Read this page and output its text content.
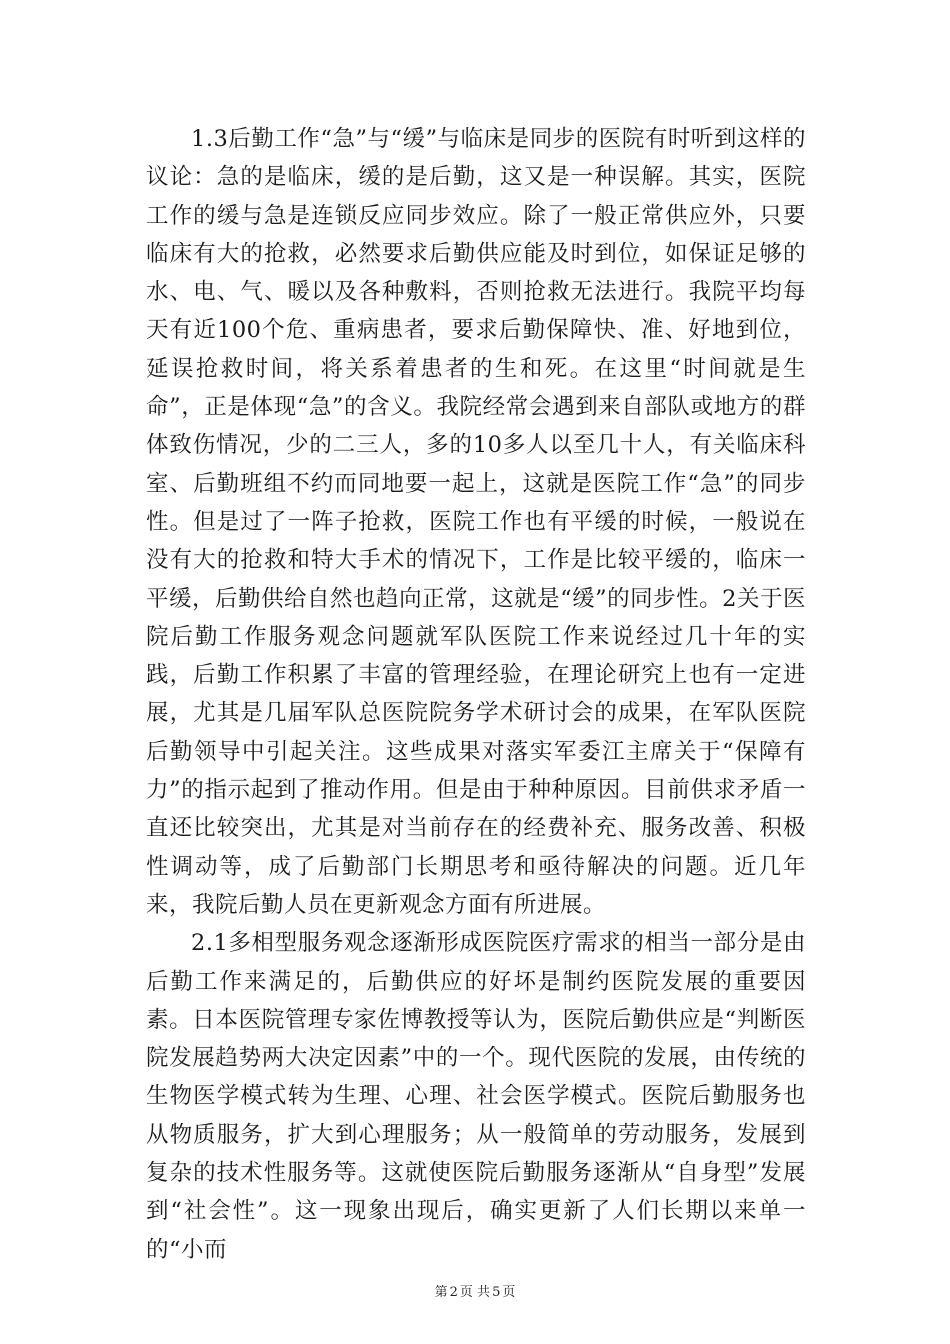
1.3后勤工作“急”与“缓”与临床是同步的医院有时听到这样的议论：急的是临床，缓的是后勤，这又是一种误解。其实，医院工作的缓与急是连锁反应同步效应。除了一般正常供应外，只要临床有大的抢救，必然要求后勤供应能及时到位，如保证足够的水、电、气、暖以及各种敷料，否则抢救无法进行。我院平均每天有近100个危、重病患者，要求后勤保障快、准、好地到位，延误抢救时间，将关系着患者的生和死。在这里“时间就是生命”，正是体现“急”的含义。我院经常会遇到来自部队或地方的群体致伤情况，少的二三人，多的10多人以至几十人，有关临床科室、后勤班组不约而同地要一起上，这就是医院工作“急”的同步性。但是过了一阵子抢救，医院工作也有平缓的时候，一般说在没有大的抢救和特大手术的情况下，工作是比较平缓的，临床一平缓，后勤供给自然也趋向正常，这就是“缓”的同步性。2关于医院后勤工作服务观念问题就军队医院工作来说经过几十年的实践，后勤工作积累了丰富的管理经验，在理论研究上也有一定进展，尤其是几届军队总医院院务学术研讨会的成果，在军队医院后勤领导中引起关注。这些成果对落实军委江主席关于“保障有力”的指示起到了推动作用。但是由于种种原因。目前供求矛盾一直还比较突出，尤其是对当前存在的经费补充、服务改善、积极性调动等，成了后勤部门长期思考和亟待解决的问题。近几年来，我院后勤人员在更新观念方面有所进展。

2.1多相型服务观念逐渐形成医院医疗需求的相当一部分是由后勤工作来满足的，后勤供应的好坏是制约医院发展的重要因素。日本医院管理专家佐博教授等认为，医院后勤供应是“判断医院发展趋势两大决定因素”中的一个。现代医院的发展，由传统的生物医学模式转为生理、心理、社会医学模式。医院后勤服务也从物质服务，扩大到心理服务；从一般简单的劳动服务，发展到复杂的技术性服务等。这就使医院后勤服务逐渐从“自身型”发展到“社会性”。这一现象出现后，确实更新了人们长期以来单一的“小而

第 2 页 共 5 页
